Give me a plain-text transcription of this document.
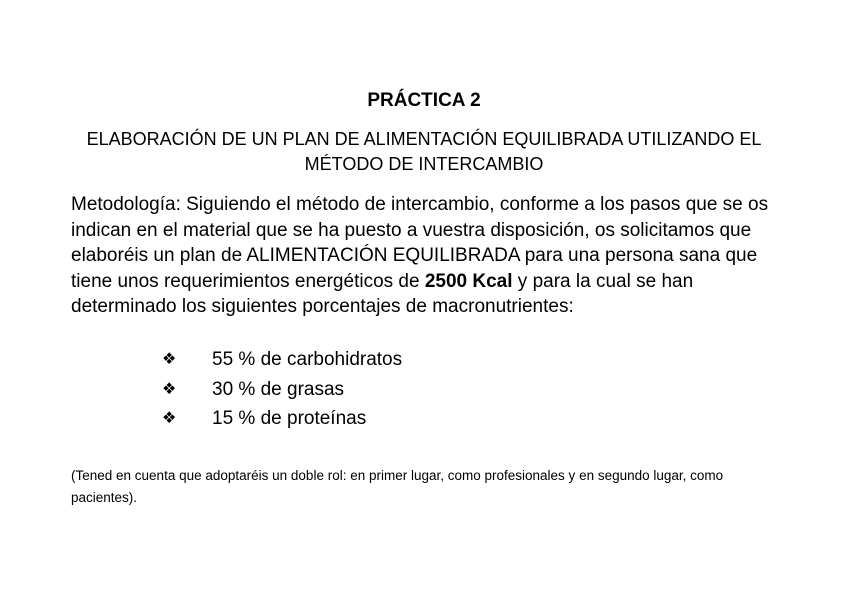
PRÁCTICA 2
ELABORACIÓN DE UN PLAN DE ALIMENTACIÓN EQUILIBRADA UTILIZANDO EL MÉTODO DE INTERCAMBIO
Metodología: Siguiendo el método de intercambio, conforme a los pasos que se os indican en el material que se ha puesto a vuestra disposición, os solicitamos que elaboréis un plan de ALIMENTACIÓN EQUILIBRADA para una persona sana que tiene unos requerimientos energéticos de 2500 Kcal y para la cual se han determinado los siguientes porcentajes de macronutrientes:
❖	55 % de carbohidratos
❖	30 % de grasas
❖	15 % de proteínas
(Tened en cuenta que adoptaréis un doble rol: en primer lugar, como profesionales y en segundo lugar, como pacientes).
